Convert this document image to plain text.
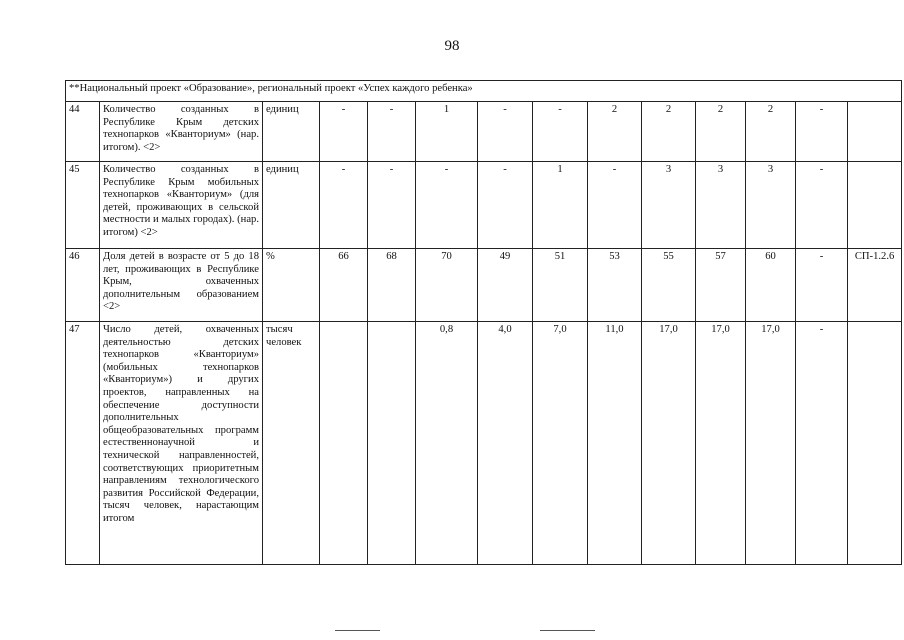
98
**Национальный проект «Образование», региональный проект «Успех каждого ребенка»													
44	Количество созданных в Республике Крым детских технопарков «Кванториум» (нар. итогом). <2>	единиц	-	-	1	-	-	2	2	2	2	-	
45	Количество созданных в Республике Крым мобильных технопарков «Кванториум» (для детей, проживающих в сельской местности и малых городах). (нар. итогом) <2>	единиц	-	-	-	-	1	-	3	3	3	-	
46	Доля детей в возрасте от 5 до 18 лет, проживающих в Республике Крым, охваченных дополнительным образованием <2>	%	66	68	70	49	51	53	55	57	60	-	СП-1.2.6
47	Число детей, охваченных деятельностью детских технопарков «Кванториум» (мобильных технопарков «Кванториум») и других проектов, направленных на обеспечение доступности дополнительных общеобразовательных программ естественнонаучной и технической направленностей, соответствующих приоритетным направлениям технологического развития Российской Федерации, тысяч человек, нарастающим итогом	тысяч человек			0,8	4,0	7,0	11,0	17,0	17,0	17,0	-	
